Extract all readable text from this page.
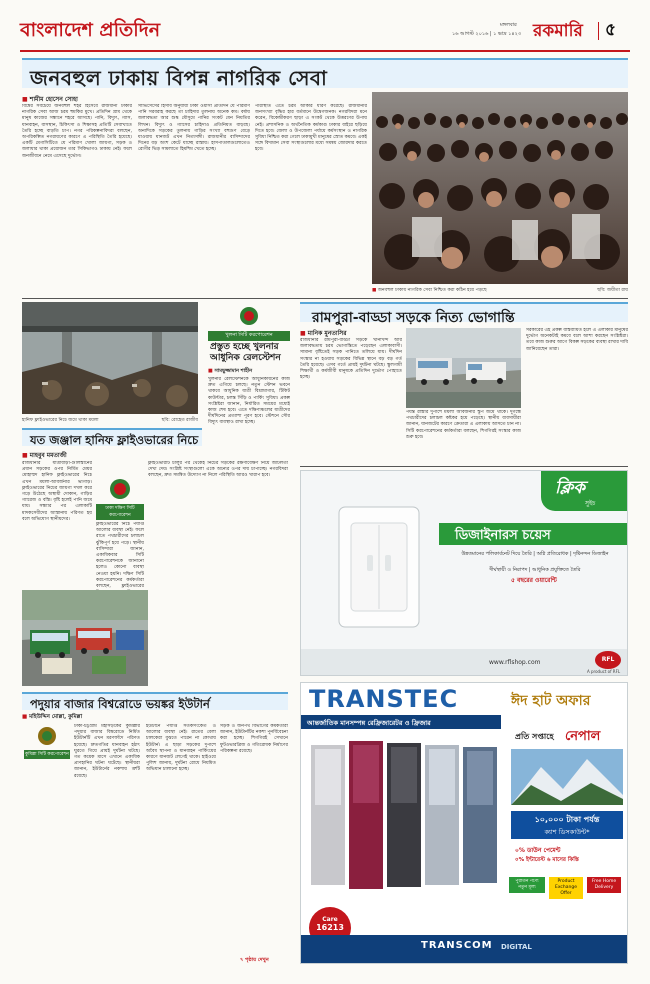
বাংলাদেশ প্রতিদিন	মঙ্গলবার
১৬ আগস্ট ২০১৬ | ১ ভাদ্র ১৪২৩ রকমারি ৫
জনবহুল ঢাকায় বিপন্ন নাগরিক সেবা
■ শামীম হোসেন সোহা
বিশ্বের সবচেয়ে জনবহুল শহর হিসেবে রাজধানী ঢাকার নাগরিক সেবা আজ চরম হুমকির মুখে। প্রতিদিন গ্রাম থেকে মানুষ কাজের সন্ধানে শহরে আসছে। পানি, বিদ্যুৎ, গ্যাস, যানবাহন, বাসস্থান, চিকিৎসা ও শিক্ষাসহ প্রতিটি সেবাখাতে তৈরি হচ্ছে বাড়তি চাপ। নগর পরিকল্পনাবিদরা বলছেন, অপরিকল্পিত নগরায়ণের কারণে এ পরিস্থিতি তৈরি হয়েছে। একটি মেগাসিটিতে যে পরিমাণ খোলা জায়গা, সড়ক ও জলাধার থাকা প্রয়োজন তার সিকিভাগও ঢাকায় নেই। ফলে জনজীবনে নেমে এসেছে দুর্ভোগ।
সার্ভিসেসের হিসাব অনুযায়ী ঢাকা ওয়াসা প্রতিদিন যে পরিমাণ পানি সরবরাহ করছে তা চাহিদার তুলনায় অনেক কম। বর্ষায় জলাবদ্ধতা আর শুষ্ক মৌসুমে পানির সংকট যেন নিয়তির লিখন। বিদ্যুৎ ও গ্যাসের চাহিদাও প্রতিনিয়ত বাড়ছে। অন্যদিকে সড়কের তুলনায় গাড়ির সংখ্যা বহুগুণ বেড়ে যাওয়ায় যানজট এখন নিত্যসঙ্গী। রাজধানীর বাসিন্দাদের দিনের বড় অংশ কেটে যাচ্ছে রাস্তায়। হাসপাতালগুলোতেও রোগীর ভিড় সামলাতে হিমশিম খেতে হচ্ছে।
পরিস্থিতি এতে চরম আকার ধারণ করেছে। রাজধানীর জনসংখ্যা বৃদ্ধির হার বর্তমানে উদ্বেগজনক। নগরবিদরা মনে করেন, বিকেন্দ্রীকরণ ছাড়া এ সংকট থেকে উত্তরণের উপায় নেই। প্রশাসনিক ও অর্থনৈতিক কর্মকাণ্ড ঢাকার বাইরে ছড়িয়ে দিতে হবে। জেলা ও উপজেলা পর্যায়ে কর্মসংস্থান ও নাগরিক সুবিধা নিশ্চিত করা গেলে ঢাকামুখী মানুষের স্রোত কমবে। একই সঙ্গে বিদ্যমান সেবা সংস্থাগুলোর মধ্যে সমন্বয় জোরদার করতে হবে।
■ জনবহুল ঢাকায় নাগরিক সেবা নিশ্চিত করা কঠিন হয়ে পড়ছে	ছবি: জয়ীতা রায়
হানিফ ফ্লাইওভারের নিচে জমে থাকা ময়লা	ছবি: রোহেত রাজীব
খুলনা সিটি করপোরেশন
প্রস্তুত হচ্ছে খুলনার আধুনিক রেলস্টেশন
■ সামছুজ্জামান শাহীন
খুলনার রেলস্টেশনকে আধুনিকায়নের কাজ দ্রুত এগিয়ে চলছে। নতুন স্টেশন ভবনে থাকবে আধুনিক যাত্রী বিশ্রামাগার, টিকিট কাউন্টার, চলন্ত সিঁড়ি ও পার্কিং সুবিধা। প্রকল্প সংশ্লিষ্টরা জানান, নির্ধারিত সময়ের মধ্যেই কাজ শেষ হবে। এতে দক্ষিণাঞ্চলের যাত্রীদের দীর্ঘদিনের প্রত্যাশা পূরণ হবে। স্টেশনে সৌর বিদ্যুৎ ব্যবস্থাও রাখা হচ্ছে।
রামপুরা-বাড্ডা সড়কে নিত্য ভোগান্তি
■ মানিক মুনতাসির
রাজধানীর রামপুরা-বাড্ডা সড়কে খানাখন্দ আর জলাবদ্ধতায় চরম ভোগান্তিতে পড়েছেন এলাকাবাসী। সামান্য বৃষ্টিতেই সড়ক পানিতে তলিয়ে যায়। দীর্ঘদিন সংস্কার না হওয়ায় সড়কের বিভিন্ন স্থানে বড় বড় গর্ত তৈরি হয়েছে। এসব গর্তে প্রায়ই দুর্ঘটনা ঘটছে। স্কুলগামী শিক্ষার্থী ও কর্মজীবী মানুষকে প্রতিদিন দুর্ভোগ পোহাতে হচ্ছে।
পর্যন্ত রাস্তার দুপাশে ময়লা আবর্জনার স্তূপ জমে থাকে। দুর্গন্ধে পথচারীদের চলাচল কষ্টকর হয়ে পড়েছে। স্থানীয় ব্যবসায়ীরা জানান, যানজটের কারণে ক্রেতারা এ এলাকায় আসতে চান না। সিটি করপোরেশনের কর্মকর্তারা বলছেন, শিগগিরই সংস্কার কাজ শুরু হবে।
সরকারের এই প্রকল্প বাস্তবায়িত হলে এ এলাকার মানুষের দুর্ভোগ অনেকটাই কমবে বলে আশা করছেন সংশ্লিষ্টরা। তবে কাজ শুরুর আগে বিকল্প সড়কের ব্যবস্থা রাখার দাবি জানিয়েছেন তারা।
যত জঞ্জাল হানিফ ফ্লাইওভারের নিচে
■ মাহবুব মমতাজী
রাজধানীর যাত্রাবাড়ী-গুলিস্তানের প্রধান সড়কের ওপর নির্মিত মেয়র মোহাম্মদ হানিফ ফ্লাইওভারের নিচে এখন ময়লা-আবর্জনার ভাগাড়। ফ্লাইওভারের নিচের জায়গা দখল করে গড়ে উঠেছে অস্থায়ী দোকান, গাড়ির গ্যারেজ ও বস্তি। বৃষ্টি হলেই পানি জমে যায়। সন্ধ্যার পর এলাকাটি মাদকসেবীদের আস্তানায় পরিণত হয় বলে অভিযোগ স্থানীয়দের।
ঢাকা দক্ষিণ সিটি করপোরেশন
ফ্লাইওভারের নিচে পর্যাপ্ত আলোর ব্যবস্থা নেই। ফলে রাতে পথচারীদের চলাচল ঝুঁকিপূর্ণ হয়ে পড়ে। স্থানীয় বাসিন্দারা জানান, একাধিকবার সিটি করপোরেশনকে জানানো হলেও কোনো ব্যবস্থা নেওয়া হয়নি। দক্ষিণ সিটি করপোরেশনের কর্মকর্তারা বলছেন, ফ্লাইওভারের
ফ্লাইওভারটি চালুর পর থেকেই নিচের সড়কের রক্ষণাবেক্ষণ নিয়ে জটিলতা দেখা দেয়। সংশ্লিষ্ট সংস্থাগুলো একে অন্যের ওপর দায় চাপাচ্ছে। নগরবিদরা বলছেন, দ্রুত সমন্বিত উদ্যোগ না নিলে পরিস্থিতি আরও খারাপ হবে।
পদুয়ার বাজার বিশ্বরোডে ভয়ঙ্কর ইউটার্ন
■ মহিউদ্দিন মোল্লা, কুমিল্লা
কুমিল্লা সিটি করপোরেশন
ঢাকা-চট্টগ্রাম মহাসড়কের কুমিল্লার পদুয়ার বাজার বিশ্বরোডে নির্মিত ইউটার্নটি এখন মরণফাঁদে পরিণত হয়েছে। দ্রুতগতির যানবাহন হঠাৎ ঘুরতে গিয়ে প্রায়ই দুর্ঘটনা ঘটছে। গত কয়েক মাসে এখানে একাধিক প্রাণহানির ঘটনা ঘটেছে। স্থানীয়রা জানান, ইউটার্নের নকশায় ত্রুটি রয়েছে।
ইউটার্নে পর্যাপ্ত সতর্কসংকেত ও আলোর ব্যবস্থা নেই। রাতের বেলা চালকেরা বুঝতে পারেন না কোথায় ইউটার্ন। এ ছাড়া সড়কের দুপাশে অবৈধ স্থাপনা ও যানবাহন পার্কিংয়ের কারণে যানজট লেগেই থাকে। হাইওয়ে পুলিশ জানায়, দুর্ঘটনা রোধে নিয়মিত অভিযান চালানো হচ্ছে।
সড়ক ও জনপথ বিভাগের কর্মকর্তারা জানান, ইউটার্নটির নকশা পুনর্বিবেচনা করা হচ্ছে। শিগগিরই সেখানে ফুটওভারব্রিজ ও গতিরোধক নির্মাণের পরিকল্পনা রয়েছে।
৭ পৃষ্ঠায় দেখুন
ক্লিক
সুইচ
ডিজাইনারস চয়েস
উন্নতমানের পলিকার্বনেট দিয়ে তৈরি | অগ্নি প্রতিরোধক | দৃষ্টিনন্দন ডিজাইন
দীর্ঘস্থায়ী ও নিরাপদ | আধুনিক প্রযুক্তিতে তৈরি
৫ বছরের ওয়ারেন্টি
www.rflshop.com	RFL
A product of RFL
TRANSTEC
আন্তর্জাতিক মানসম্পন্ন রেফ্রিজারেটর ও ফ্রিজার
Care
16213
ঈদ হাট অফার
প্রতি সপ্তাহে নেপাল
১০,০০০ টাকা পর্যন্ত
ক্যাশ ডিসকাউন্ট*
০% ডাউন পেমেন্ট
০% ইন্টারেস্ট ৬ মাসের কিস্তি
পুরাতন পণ্যে নতুন মূল্য
Product Exchange Offer
Free Home Delivery
TRANSCOM DIGITAL
